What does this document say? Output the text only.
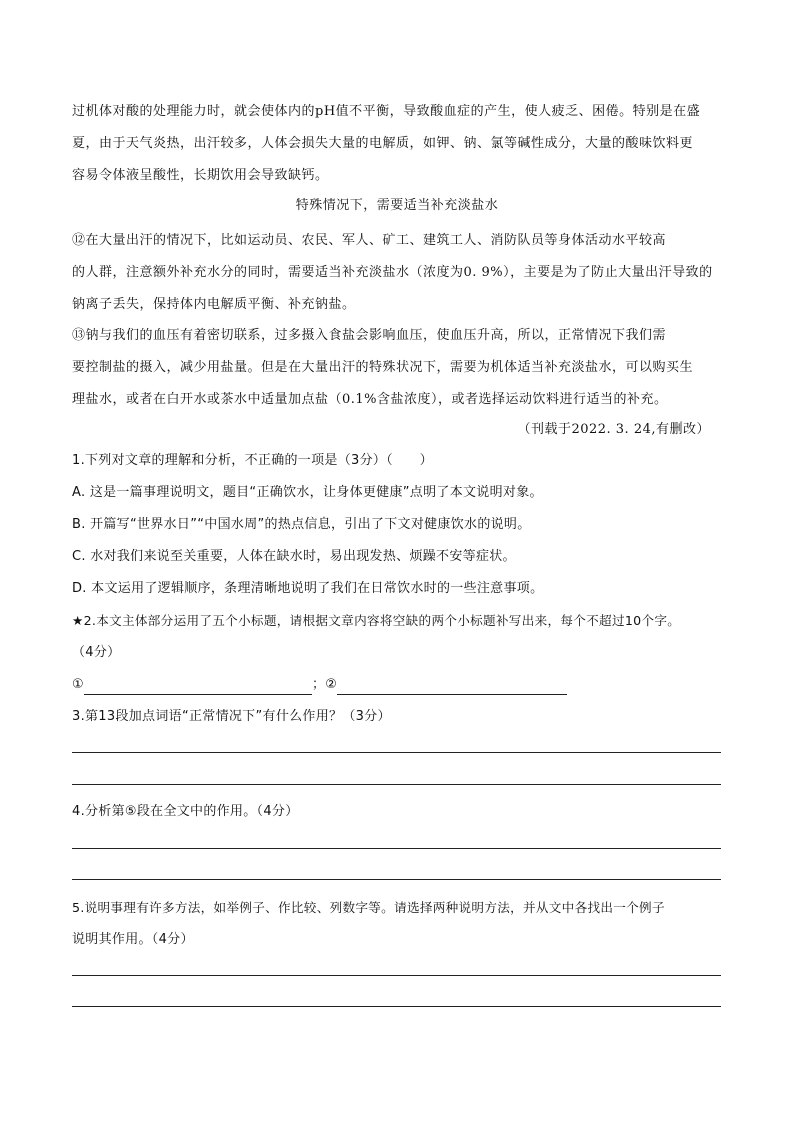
过机体对酸的处理能力时，就会使体内的pH值不平衡，导致酸血症的产生，使人疲乏、困倦。特别是在盛
夏，由于天气炎热，出汗较多，人体会损失大量的电解质，如钾、钠、氯等碱性成分，大量的酸味饮料更
容易令体液呈酸性，长期饮用会导致缺钙。
特殊情况下，需要适当补充淡盐水
⑫在大量出汗的情况下，比如运动员、农民、军人、矿工、建筑工人、消防队员等身体活动水平较高
的人群，注意额外补充水分的同时，需要适当补充淡盐水（浓度为0. 9%），主要是为了防止大量出汗导致的
钠离子丢失，保持体内电解质平衡、补充钠盐。
⑬钠与我们的血压有着密切联系，过多摄入食盐会影响血压，使血压升高，所以，正常情况下我们需
要控制盐的摄入，减少用盐量。但是在大量出汗的特殊状况下，需要为机体适当补充淡盐水，可以购买生
理盐水，或者在白开水或茶水中适量加点盐（0.1%含盐浓度），或者选择运动饮料进行适当的补充。
（刊载于2022. 3. 24,有删改）
1.下列对文章的理解和分析，不正确的一项是（3分）（　　）
A. 这是一篇事理说明文，题目“正确饮水，让身体更健康”点明了本文说明对象。
B. 开篇写“世界水日”“中国水周”的热点信息，引出了下文对健康饮水的说明。
C. 水对我们来说至关重要，人体在缺水时，易出现发热、烦躁不安等症状。
D. 本文运用了逻辑顺序，条理清晰地说明了我们在日常饮水时的一些注意事项。
★2.本文主体部分运用了五个小标题，请根据文章内容将空缺的两个小标题补写出来，每个不超过10个字。
（4分）
①	；②
3.第13段加点词语“正常情况下”有什么作用？（3分）
4.分析第⑤段在全文中的作用。（4分）
5.说明事理有许多方法，如举例子、作比较、列数字等。请选择两种说明方法，并从文中各找出一个例子
说明其作用。（4分）
